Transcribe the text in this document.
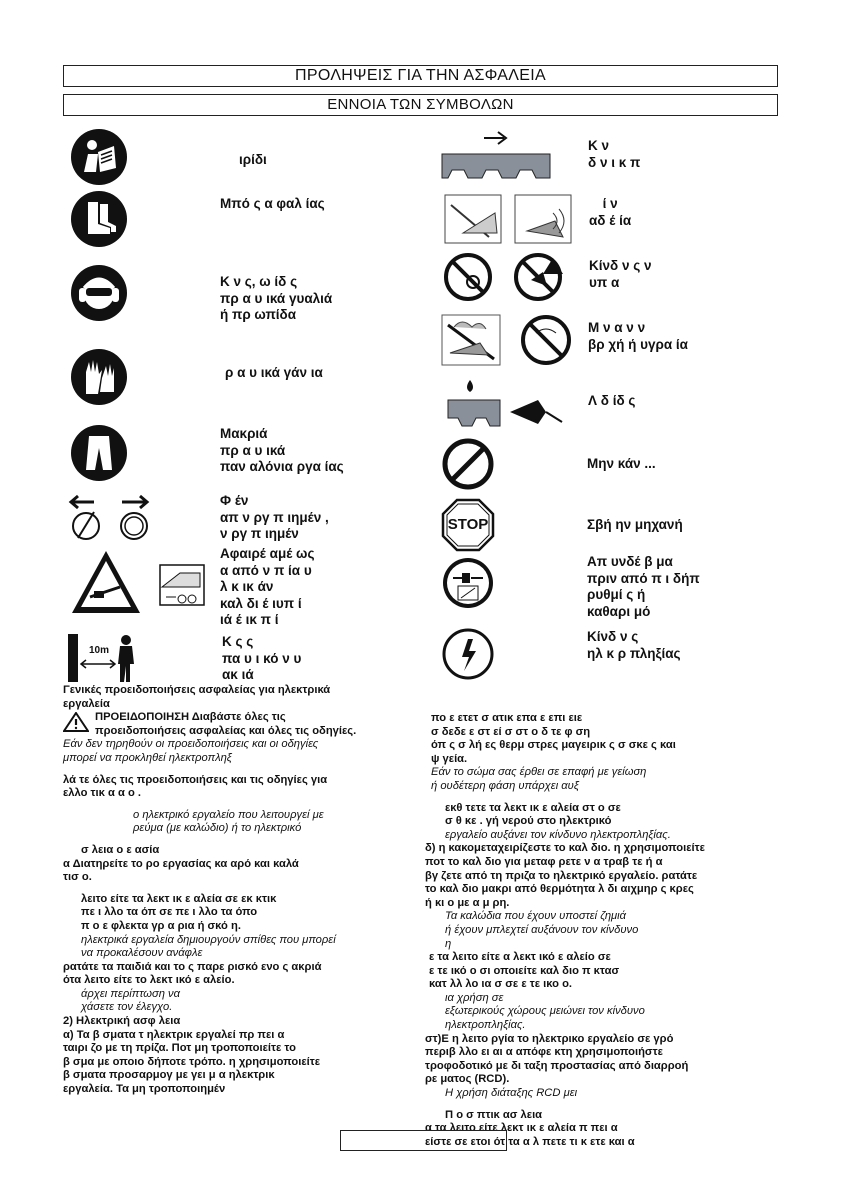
ΠΡΟΛΗΨΕΙΣ ΓΙΑ ΤΗΝ ΑΣΦΑΛΕΙΑ
ΕΝΝΟΙΑ ΤΩΝ ΣΥΜΒΟΛΩΝ
ιρίδι
Μπό ς α φαλ ίας
Κ ν ς, ω ίδ ς
πρ α υ ικά γυαλιά
ή πρ ωπίδα
ρ α υ ικά γάν ια
Μακριά
πρ α υ ικά
παν αλόνια ργα ίας
Φ έν
απ ν ργ π ιημέν ,
ν ργ π ιημέν
Αφαιρέ αμέ ως
α από ν π ία υ
λ κ ικ άν
καλ δι έ ιυπ ί
ιά έ ικ π ί
10m
Κ ς ς
πα υ ι κό ν υ
ακ ιά
Κ ν
δ ν ι κ π
ί ν
αδ έ ία
Κίνδ ν ς ν
υπ α
Μ ν α ν ν
βρ χή ή υγρα ία
Λ δ ίδ ς
Μην κάν ...
STOP	Σβή ην μηχανή
Απ υνδέ β μα
πριν από π ι δήπ
ρυθμί ς ή
καθαρι μό
Κίνδ ν ς
ηλ κ ρ πληξίας

Γενικές προειδοποιήσεις ασφαλείας για ηλεκτρικά
εργαλεία

ΠΡΟΕΙΔΟΠΟΙΗΣΗ Διαβάστε όλες τις
προειδοποιήσεις ασφαλείας και όλες τις οδηγίες.

Εάν δεν τηρηθούν οι προειδοποιήσεις και οι οδηγίες
μπορεί να προκληθεί ηλεκτροπληξ

λά τε όλες τις προειδοποιήσεις και τις οδηγίες για
ελλο τικ α α ο .

ο ηλεκτρικό εργαλείο που λειτουργεί με
ρεύμα (με καλώδιο) ή το ηλεκτρικό

σ λεια ο ε ασία

α Διατηρείτε το ρο εργασίας κα αρό και καλά
τισ ο.

λειτο είτε τα λεκτ ικ ε αλεία σε εκ κτικ
πε ι λλο τα όπ σε πε ι λλο τα όπο
π ο ε φλεκτα γρ α ρια ή σκό η.

ηλεκτρικά εργαλεία δημιουργούν σπίθες που μπορεί
να προκαλέσουν ανάφλε

ρατάτε τα παιδιά και το ς παρε ρισκό ενο ς ακριά
ότα λειτο είτε το λεκτ ικό ε αλείο.

άρχει περίπτωση να
χάσετε τον έλεγχο.

2) Ηλεκτρική ασφ λεια

α) Τα β σματα τ ηλεκτρικ εργαλεί πρ πει α
ταιρι ζο με τη πρίζα. Ποτ μη τροποποιείτε το
β σμα με οποιο δήποτε τρόπο. η χρησιμοποιείτε
β σματα προσαρμογ με γει μ α ηλεκτρικ
εργαλεία. Τα μη τροποποιημέν

πο ε ετετ σ ατικ επα ε επι ειε
σ δεδε ε στ εί σ στ ο δ τε φ ση
όπ ς σ λή ες θερμ στρες μαγειρικ ς σ σκε ς και
ψ γεία.

Εάν το σώμα σας έρθει σε επαφή με γείωση
ή ουδέτερη φάση υπάρχει αυξ

εκθ τετε τα λεκτ ικ ε αλεία στ ο σε
σ θ κε . γή νερού στο ηλεκτρικό

εργαλείο αυξάνει τον κίνδυνο ηλεκτροπληξίας.

δ) η κακομεταχειρίζεστε το καλ διο. η χρησιμοποιείτε
ποτ το καλ διο για μεταφ ρετε ν α τραβ τε ή α
βγ ζετε από τη πριζα το ηλεκτρικό εργαλείο. ρατάτε
το καλ διο μακρι από θερμότητα λ δι αιχμηρ ς κρες
ή κι ο με α μ ρη.

Τα καλώδια που έχουν υποστεί ζημιά
ή έχουν μπλεχτεί αυξάνουν τον κίνδυνο
η

ε τα λειτο είτε α λεκτ ικό ε αλείο σε
ε τε ικό ο σι οποιείτε καλ διο π κτασ
κατ λλ λο ια σ σε ε τε ικο ο.

ια χρήση σε
εξωτερικούς χώρους μειώνει τον κίνδυνο
ηλεκτροπληξίας.

στ)Ε η λειτο ργία το ηλεκτρικο εργαλείο σε γρό
περιβ λλο ει αι α απόφε κτη χρησιμοποιήστε
τροφοδοτικό με δι ταξη προστασίας από διαρροή
ρε ματος (RCD).

Η χρήση διάταξης RCD μει

Π ο σ πτικ ασ λεια

α τα λειτο είτε λεκτ ικ ε αλεία π πει α
είστε σε ετοι ότ τα α λ πετε τι κ ετε και α
